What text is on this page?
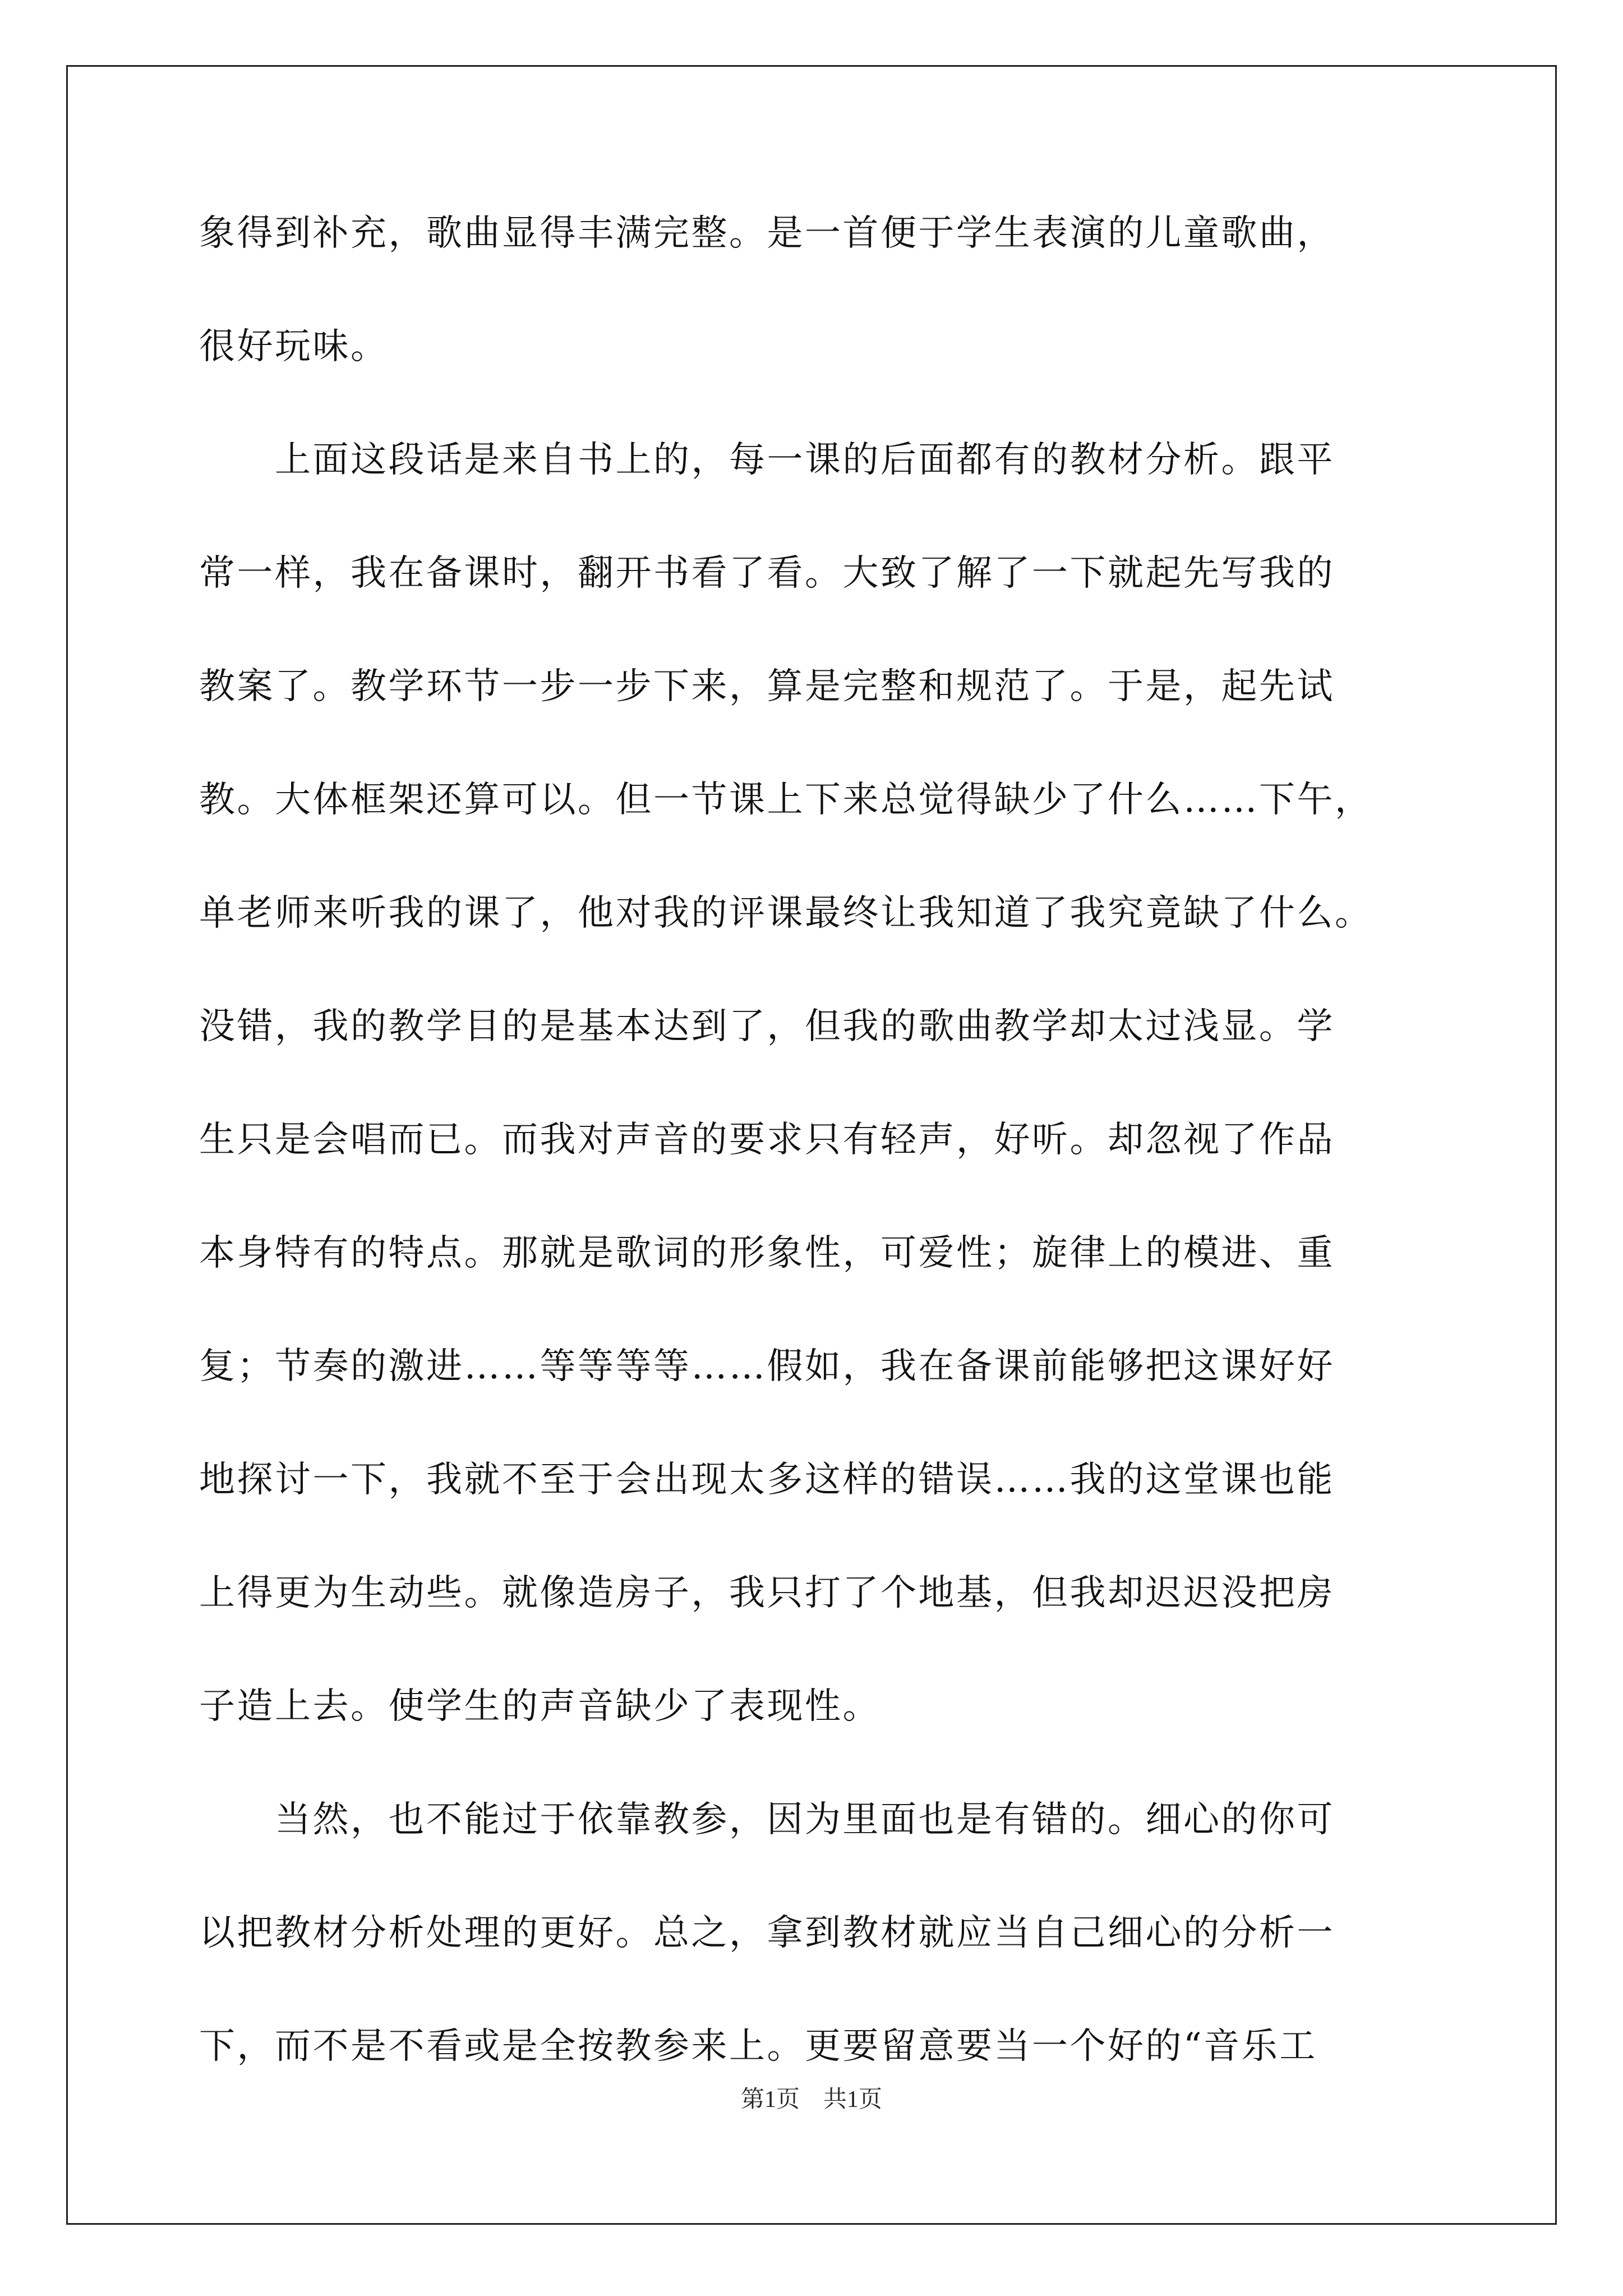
象得到补充，歌曲显得丰满完整。是一首便于学生表演的儿童歌曲，
很好玩味。
　　上面这段话是来自书上的，每一课的后面都有的教材分析。跟平
常一样，我在备课时，翻开书看了看。大致了解了一下就起先写我的
教案了。教学环节一步一步下来，算是完整和规范了。于是，起先试
教。大体框架还算可以。但一节课上下来总觉得缺少了什么……下午，
单老师来听我的课了，他对我的评课最终让我知道了我究竟缺了什么。
没错，我的教学目的是基本达到了，但我的歌曲教学却太过浅显。学
生只是会唱而已。而我对声音的要求只有轻声，好听。却忽视了作品
本身特有的特点。那就是歌词的形象性，可爱性；旋律上的模进、重
复；节奏的激进……等等等等……假如，我在备课前能够把这课好好
地探讨一下，我就不至于会出现太多这样的错误……我的这堂课也能
上得更为生动些。就像造房子，我只打了个地基，但我却迟迟没把房
子造上去。使学生的声音缺少了表现性。
　　当然，也不能过于依靠教参，因为里面也是有错的。细心的你可
以把教材分析处理的更好。总之，拿到教材就应当自己细心的分析一
下，而不是不看或是全按教参来上。更要留意要当一个好的“音乐工
第1页　共1页
